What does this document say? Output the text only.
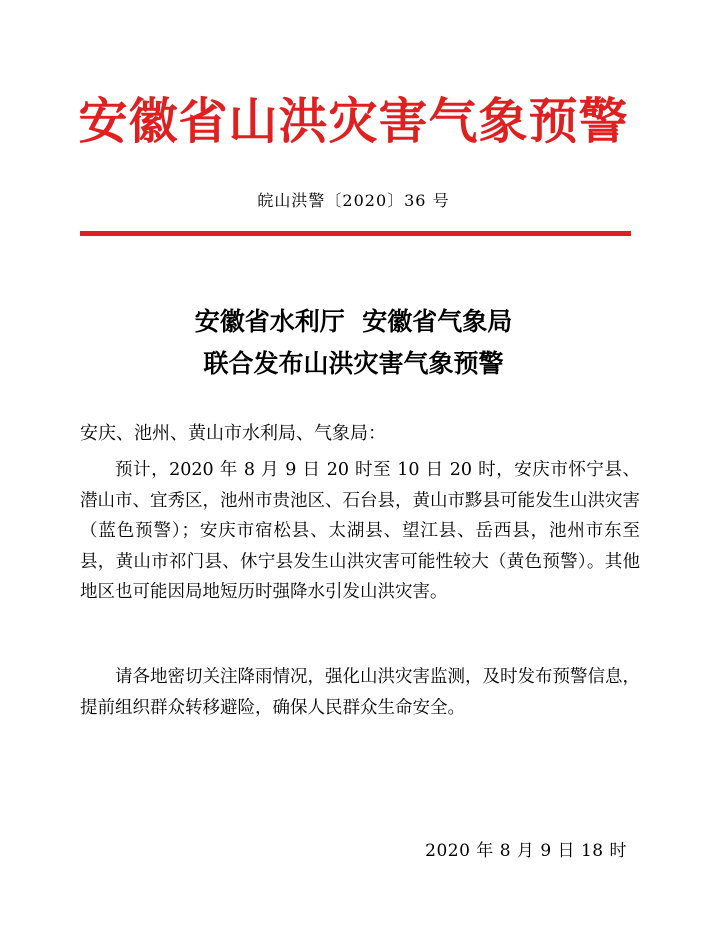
安徽省山洪灾害气象预警
皖山洪警〔2020〕36 号
安徽省水利厅  安徽省气象局
联合发布山洪灾害气象预警
安庆、池州、黄山市水利局、气象局：
预计，2020 年 8 月 9 日 20 时至 10 日 20 时，安庆市怀宁县、潜山市、宜秀区，池州市贵池区、石台县，黄山市黟县可能发生山洪灾害（蓝色预警）；安庆市宿松县、太湖县、望江县、岳西县，池州市东至县，黄山市祁门县、休宁县发生山洪灾害可能性较大（黄色预警）。其他地区也可能因局地短历时强降水引发山洪灾害。
请各地密切关注降雨情况，强化山洪灾害监测，及时发布预警信息，提前组织群众转移避险，确保人民群众生命安全。
2020 年 8 月 9 日 18 时
